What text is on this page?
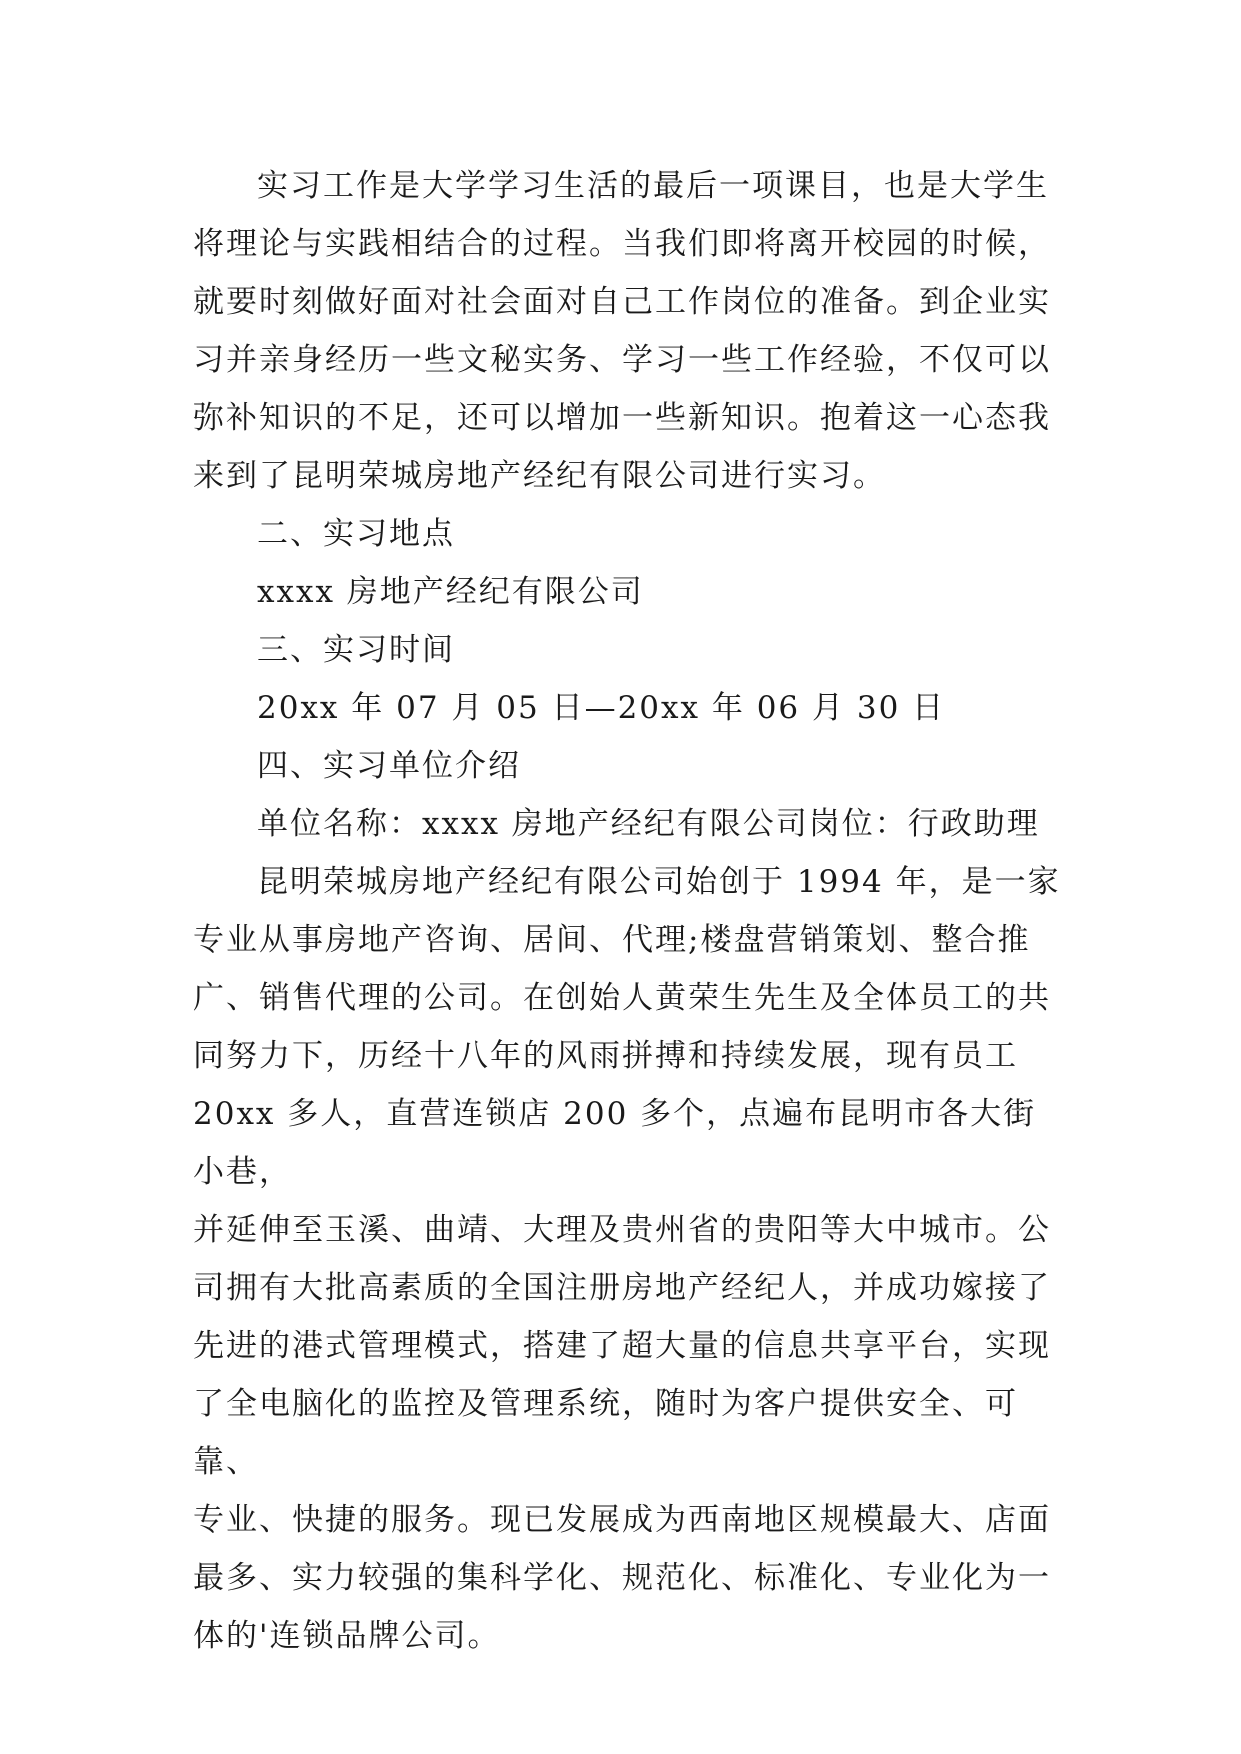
实习工作是大学学习生活的最后一项课目，也是大学生
将理论与实践相结合的过程。当我们即将离开校园的时候，
就要时刻做好面对社会面对自己工作岗位的准备。到企业实
习并亲身经历一些文秘实务、学习一些工作经验，不仅可以
弥补知识的不足，还可以增加一些新知识。抱着这一心态我
来到了昆明荣城房地产经纪有限公司进行实习。

二、实习地点

xxxx 房地产经纪有限公司

三、实习时间

20xx 年 07 月 05 日—20xx 年 06 月 30 日

四、实习单位介绍

单位名称：xxxx 房地产经纪有限公司岗位：行政助理

昆明荣城房地产经纪有限公司始创于 1994 年，是一家
专业从事房地产咨询、居间、代理;楼盘营销策划、整合推
广、销售代理的公司。在创始人黄荣生先生及全体员工的共
同努力下，历经十八年的风雨拼搏和持续发展，现有员工
20xx 多人，直营连锁店 200 多个，点遍布昆明市各大街小巷，
并延伸至玉溪、曲靖、大理及贵州省的贵阳等大中城市。公
司拥有大批高素质的全国注册房地产经纪人，并成功嫁接了
先进的港式管理模式，搭建了超大量的信息共享平台，实现
了全电脑化的监控及管理系统，随时为客户提供安全、可靠、
专业、快捷的服务。现已发展成为西南地区规模最大、店面
最多、实力较强的集科学化、规范化、标准化、专业化为一
体的'连锁品牌公司。
